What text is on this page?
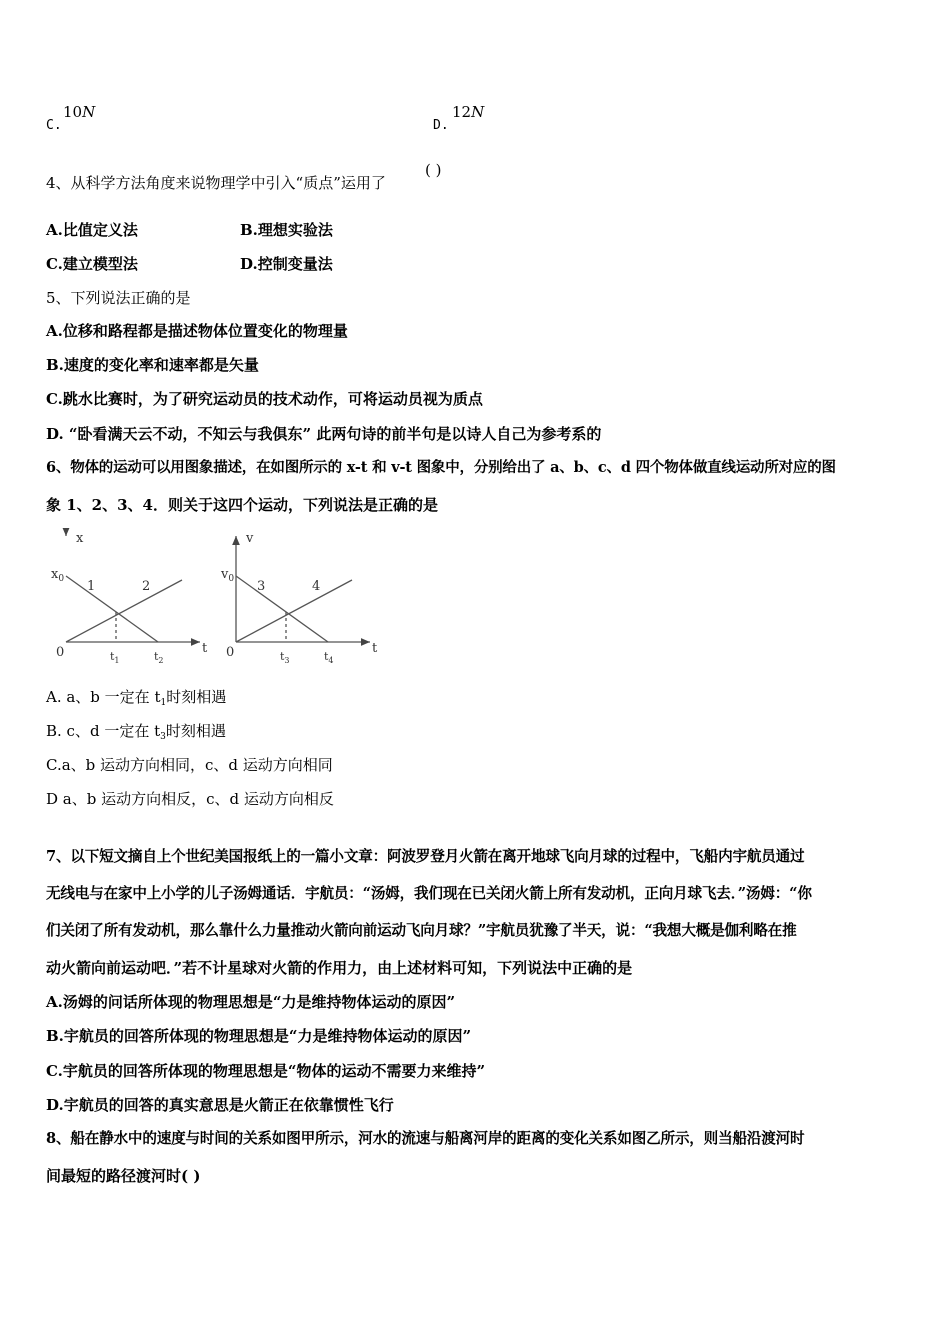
C.
10N
D.
12N
4、从科学方法角度来说物理学中引入“质点”运用了
( )
A.比值定义法	B.理想实验法
C.建立模型法	D.控制变量法
5、下列说法正确的是
A.位移和路程都是描述物体位置变化的物理量
B.速度的变化率和速率都是矢量
C.跳水比赛时，为了研究运动员的技术动作，可将运动员视为质点
D. “卧看满天云不动，不知云与我俱东” 此两句诗的前半句是以诗人自己为参考系的
6、物体的运动可以用图象描述，在如图所示的 x-t 和 v-t 图象中，分别给出了 a、b、c、d 四个物体做直线运动所对应的图
象 1、2、3、4．则关于这四个运动，下列说法是正确的是
x
$x_0$ 1	2
0	$t_1$	$t_2$
t
v
$v_0$ 3	4
0	$t_3$	$t_4$
t
A. a、b 一定在 $t_1$时刻相遇
B. c、d 一定在 $t_3$时刻相遇
C.a、b 运动方向相同，c、d 运动方向相同
D a、b 运动方向相反，c、d 运动方向相反
7、以下短文摘自上个世纪美国报纸上的一篇小文章：阿波罗登月火箭在离开地球飞向月球的过程中，飞船内宇航员通过
无线电与在家中上小学的儿子汤姆通话．宇航员：“汤姆，我们现在已关闭火箭上所有发动机，正向月球飞去．”汤姆：“你
们关闭了所有发动机，那么靠什么力量推动火箭向前运动飞向月球？”宇航员犹豫了半天，说：“我想大概是伽利略在推
动火箭向前运动吧．”若不计星球对火箭的作用力，由上述材料可知，下列说法中正确的是
A.汤姆的问话所体现的物理思想是“力是维持物体运动的原因”
B.宇航员的回答所体现的物理思想是“力是维持物体运动的原因”
C.宇航员的回答所体现的物理思想是“物体的运动不需要力来维持”
D.宇航员的回答的真实意思是火箭正在依靠惯性飞行
8、船在静水中的速度与时间的关系如图甲所示，河水的流速与船离河岸的距离的变化关系如图乙所示，则当船沿渡河时
间最短的路径渡河时( )
